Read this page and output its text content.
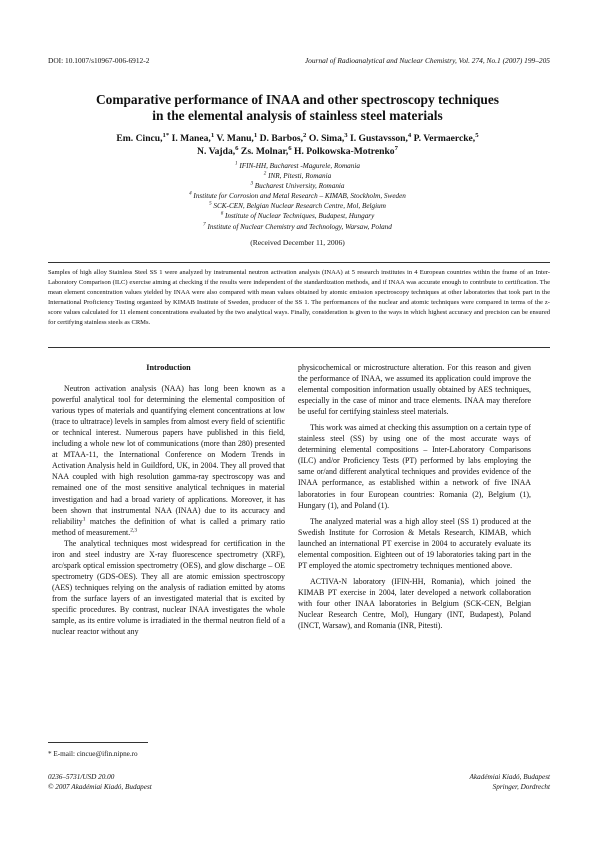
DOI: 10.1007/s10967-006-6912-2	Journal of Radioanalytical and Nuclear Chemistry, Vol. 274, No.1 (2007) 199–205
Comparative performance of INAA and other spectroscopy techniques
in the elemental analysis of stainless steel materials
Em. Cincu,$^{1*}$ I. Manea,$^1$ V. Manu,$^1$ D. Barbos,$^2$ O. Sima,$^3$ I. Gustavsson,$^4$ P. Vermaercke,$^5$
N. Vajda,$^6$ Zs. Molnar,$^6$ H. Polkowska-Motrenko$^7$
$^1$ IFIN-HH, Bucharest -Magurele, Romania
$^2$ INR, Pitesti, Romania
$^3$ Bucharest University, Romania
$^4$ Institute for Corrosion and Metal Research – KIMAB, Stockholm, Sweden
$^5$ SCK-CEN, Belgian Nuclear Research Centre, Mol, Belgium
$^6$ Institute of Nuclear Techniques, Budapest, Hungary
$^7$ Institute of Nuclear Chemistry and Technology, Warsaw, Poland
(Received December 11, 2006)
Samples of high alloy Stainless Steel SS 1 were analyzed by instrumental neutron activation analysis (INAA) at 5 research institutes in 4 European countries within the frame of an Inter-Laboratory Comparison (ILC) exercise aiming at checking if the results were independent of the standardization methods, and if INAA was accurate enough to contribute to certification. The mean element concentration values yielded by INAA were also compared with mean values obtained by atomic emission spectroscopy techniques at other laboratories that took part in the International Proficiency Testing organized by KIMAB Institute of Sweden, producer of the SS 1. The performances of the nuclear and atomic techniques were compared in terms of the z-score values calculated for 11 element concentrations evaluated by the two analytical ways. Finally, consideration is given to the ways in which highest accuracy and precision can be ensured for certifying stainless steels as CRMs.
Introduction

Neutron activation analysis (NAA) has long been known as a powerful analytical tool for determining the elemental composition of various types of materials and quantifying element concentrations at low (trace to ultratrace) levels in samples from almost every field of scientific or technical interest. Numerous papers have published in this field, including a whole new lot of communications (more than 280) presented at MTAA-11, the International Conference on Modern Trends in Activation Analysis held in Guildford, UK, in 2004. They all proved that NAA coupled with high resolution gamma-ray spectroscopy was and remained one of the most sensitive analytical techniques in material investigation and had a broad variety of applications. Moreover, it has been shown that instrumental NAA (INAA) due to its accuracy and reliability$^1$ matches the definition of what is called a primary ratio method of measurement.$^{2,3}$

The analytical techniques most widespread for certification in the iron and steel industry are X-ray fluorescence spectrometry (XRF), arc/spark optical emission spectrometry (OES), and glow discharge – OE spectrometry (GDS-OES). They all are atomic emission spectroscopy (AES) techniques relying on the analysis of radiation emitted by atoms from the surface layers of an investigated material that is excited by specific procedures. By contrast, nuclear INAA investigates the whole sample, as its entire volume is irradiated in the thermal neutron field of a nuclear reactor without any

physicochemical or microstructure alteration. For this reason and given the performance of INAA, we assumed its application could improve the elemental composition information usually obtained by AES techniques, especially in the case of minor and trace elements. INAA may therefore be useful for certifying stainless steel materials.

This work was aimed at checking this assumption on a certain type of stainless steel (SS) by using one of the most accurate ways of determining elemental compositions – Inter-Laboratory Comparisons (ILC) and/or Proficiency Tests (PT) performed by labs employing the same or/and different analytical techniques and provides evidence of the INAA performance, as established within a network of five INAA laboratories in four European countries: Romania (2), Belgium (1), Hungary (1), and Poland (1).

The analyzed material was a high alloy steel (SS 1) produced at the Swedish Institute for Corrosion & Metals Research, KIMAB, which launched an international PT exercise in 2004 to accurately evaluate its elemental composition. Eighteen out of 19 laboratories taking part in the PT employed the atomic spectrometry techniques mentioned above.

ACTIVA-N laboratory (IFIN-HH, Romania), which joined the KIMAB PT exercise in 2004, later developed a network collaboration with four other INAA laboratories in Belgium (SCK-CEN, Belgian Nuclear Research Centre, Mol), Hungary (INT, Budapest), Poland (INCT, Warsaw), and Romania (INR, Pitesti).

* E-mail: cincue@ifin.nipne.ro
0236–5731/USD 20.00
© 2007 Akadémiai Kiadó, Budapest
Akadémiai Kiadó, Budapest
Springer, Dordrecht
